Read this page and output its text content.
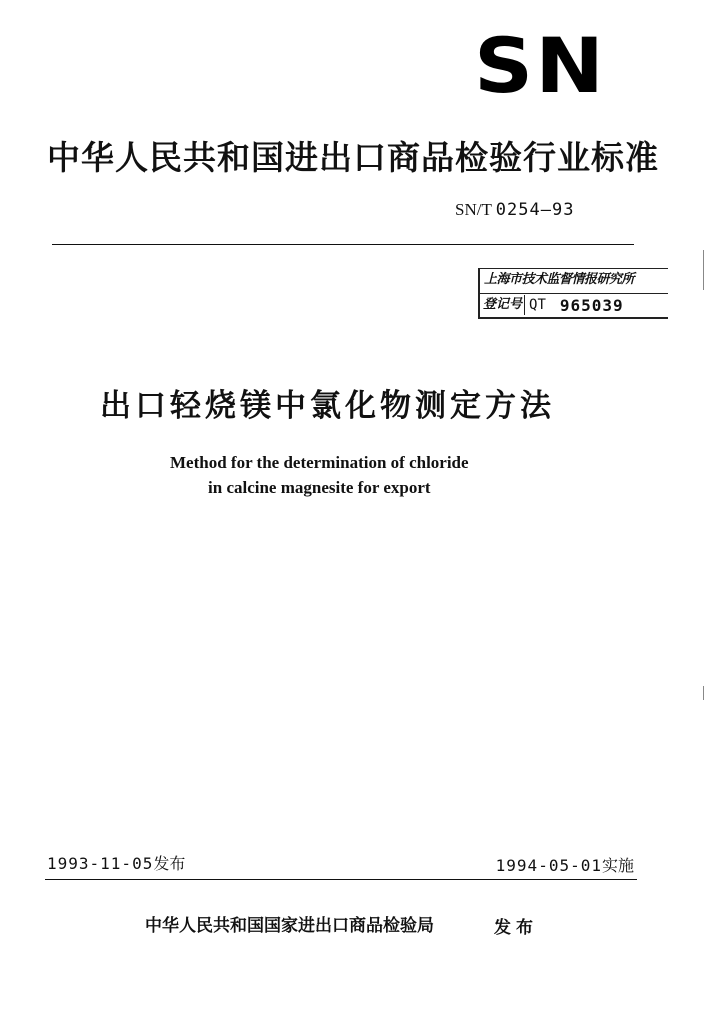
SN
中华人民共和国进出口商品检验行业标准
SN/T 0254—93
上海市技术监督情报研究所
登记号 QT 965039
出口轻烧镁中氯化物测定方法
Method for the determination of chloride
in calcine magnesite for export
1993-11-05发布	1994-05-01实施
中华人民共和国国家进出口商品检验局	发布
